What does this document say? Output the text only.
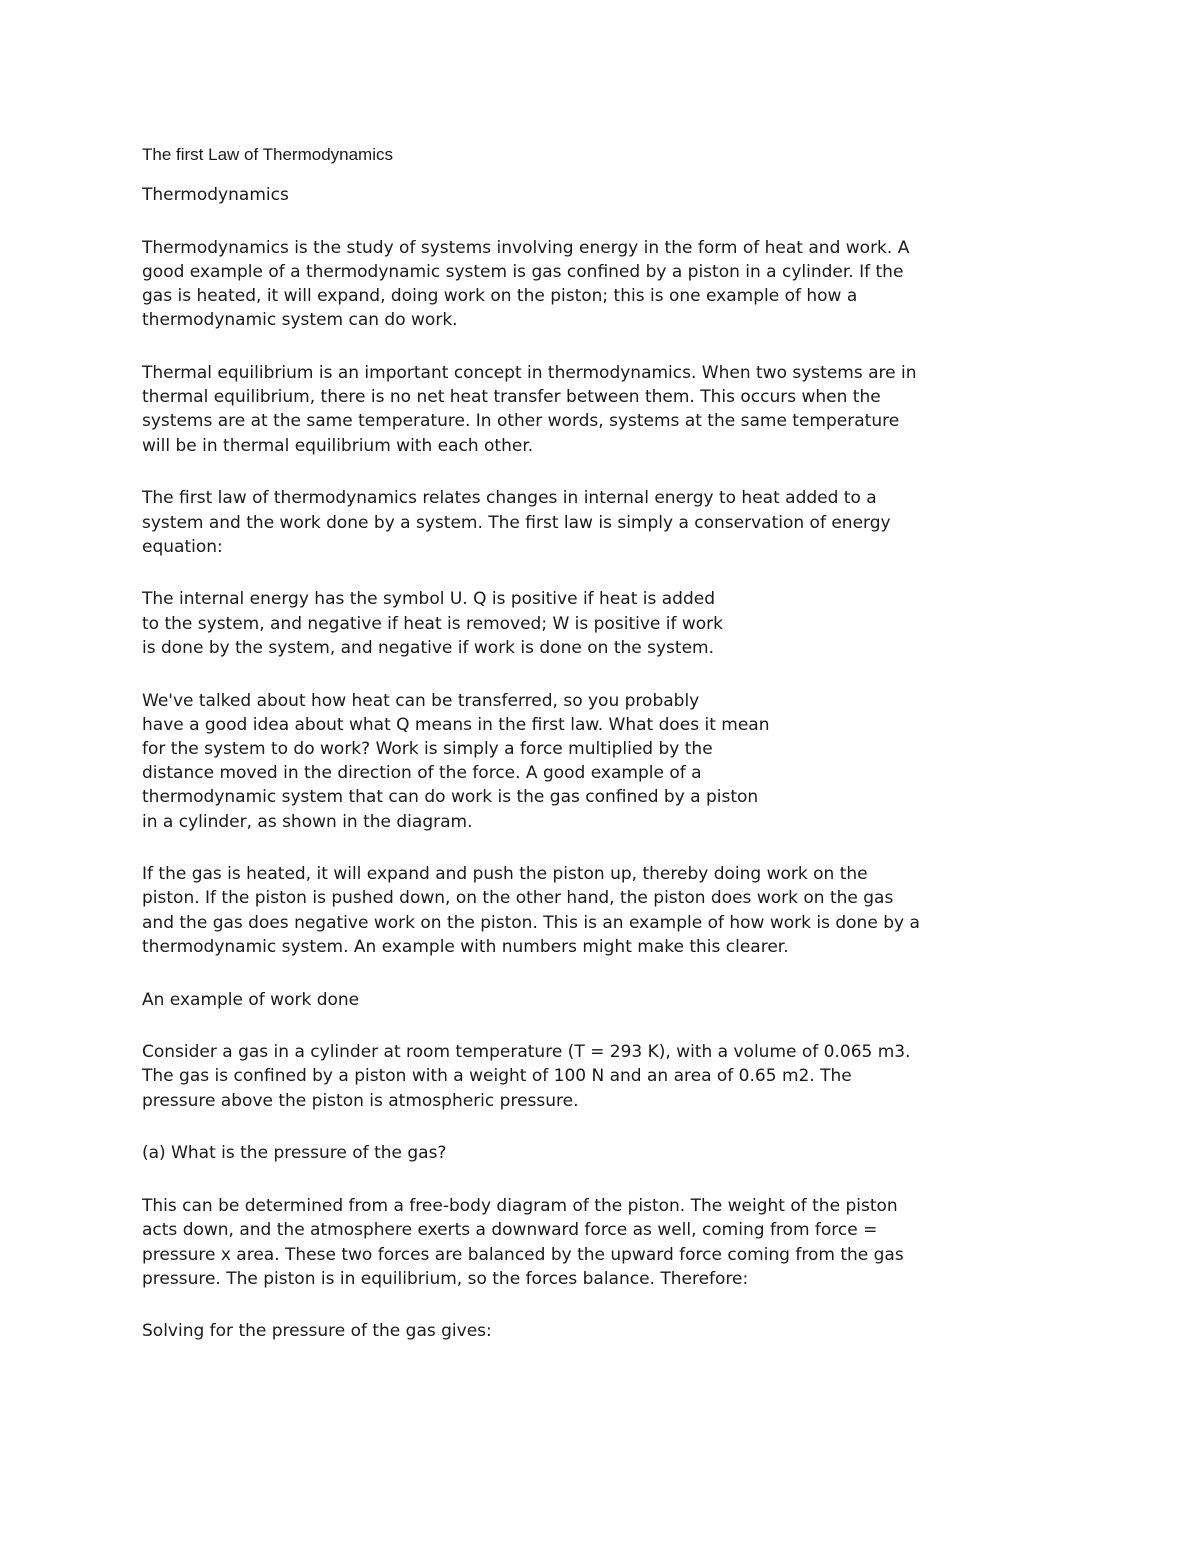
The first Law of Thermodynamics
Thermodynamics
Thermodynamics is the study of systems involving energy in the form of heat and work. A
good example of a thermodynamic system is gas confined by a piston in a cylinder. If the
gas is heated, it will expand, doing work on the piston; this is one example of how a
thermodynamic system can do work.
Thermal equilibrium is an important concept in thermodynamics. When two systems are in
thermal equilibrium, there is no net heat transfer between them. This occurs when the
systems are at the same temperature. In other words, systems at the same temperature
will be in thermal equilibrium with each other.
The first law of thermodynamics relates changes in internal energy to heat added to a
system and the work done by a system. The first law is simply a conservation of energy
equation:
The internal energy has the symbol U. Q is positive if heat is added
to the system, and negative if heat is removed; W is positive if work
is done by the system, and negative if work is done on the system.
We've talked about how heat can be transferred, so you probably
have a good idea about what Q means in the first law. What does it mean
for the system to do work? Work is simply a force multiplied by the
distance moved in the direction of the force. A good example of a
thermodynamic system that can do work is the gas confined by a piston
in a cylinder, as shown in the diagram.
If the gas is heated, it will expand and push the piston up, thereby doing work on the
piston. If the piston is pushed down, on the other hand, the piston does work on the gas
and the gas does negative work on the piston. This is an example of how work is done by a
thermodynamic system. An example with numbers might make this clearer.
An example of work done
Consider a gas in a cylinder at room temperature (T = 293 K), with a volume of 0.065 m3.
The gas is confined by a piston with a weight of 100 N and an area of 0.65 m2. The
pressure above the piston is atmospheric pressure.
(a) What is the pressure of the gas?
This can be determined from a free-body diagram of the piston. The weight of the piston
acts down, and the atmosphere exerts a downward force as well, coming from force =
pressure x area. These two forces are balanced by the upward force coming from the gas
pressure. The piston is in equilibrium, so the forces balance. Therefore:
Solving for the pressure of the gas gives:
